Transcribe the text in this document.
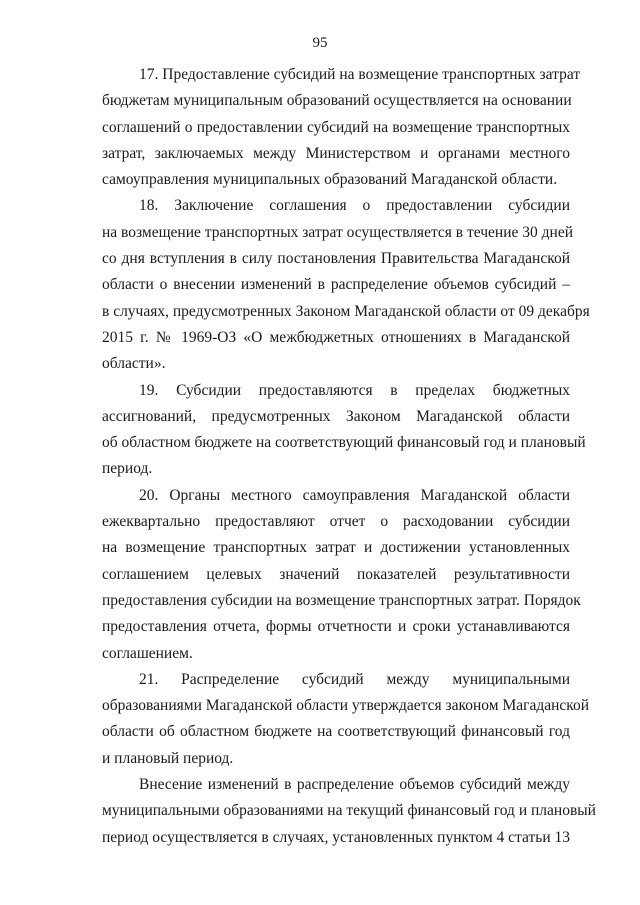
95
17. Предоставление субсидий на возмещение транспортных затрат
бюджетам муниципальным образований осуществляется на основании
соглашений о предоставлении субсидий на возмещение транспортных
затрат, заключаемых между Министерством и органами местного
самоуправления муниципальных образований Магаданской области.
18. Заключение соглашения о предоставлении субсидии
на возмещение транспортных затрат осуществляется в течение 30 дней
со дня вступления в силу постановления Правительства Магаданской
области о внесении изменений в распределение объемов субсидий –
в случаях, предусмотренных Законом Магаданской области от 09 декабря
2015 г. № 1969-ОЗ «О межбюджетных отношениях в Магаданской
области».
19. Субсидии предоставляются в пределах бюджетных
ассигнований, предусмотренных Законом Магаданской области
об областном бюджете на соответствующий финансовый год и плановый
период.
20. Органы местного самоуправления Магаданской области
ежеквартально предоставляют отчет о расходовании субсидии
на возмещение транспортных затрат и достижении установленных
соглашением целевых значений показателей результативности
предоставления субсидии на возмещение транспортных затрат. Порядок
предоставления отчета, формы отчетности и сроки устанавливаются
соглашением.
21. Распределение субсидий между муниципальными
образованиями Магаданской области утверждается законом Магаданской
области об областном бюджете на соответствующий финансовый год
и плановый период.
Внесение изменений в распределение объемов субсидий между
муниципальными образованиями на текущий финансовый год и плановый
период осуществляется в случаях, установленных пунктом 4 статьи 13
